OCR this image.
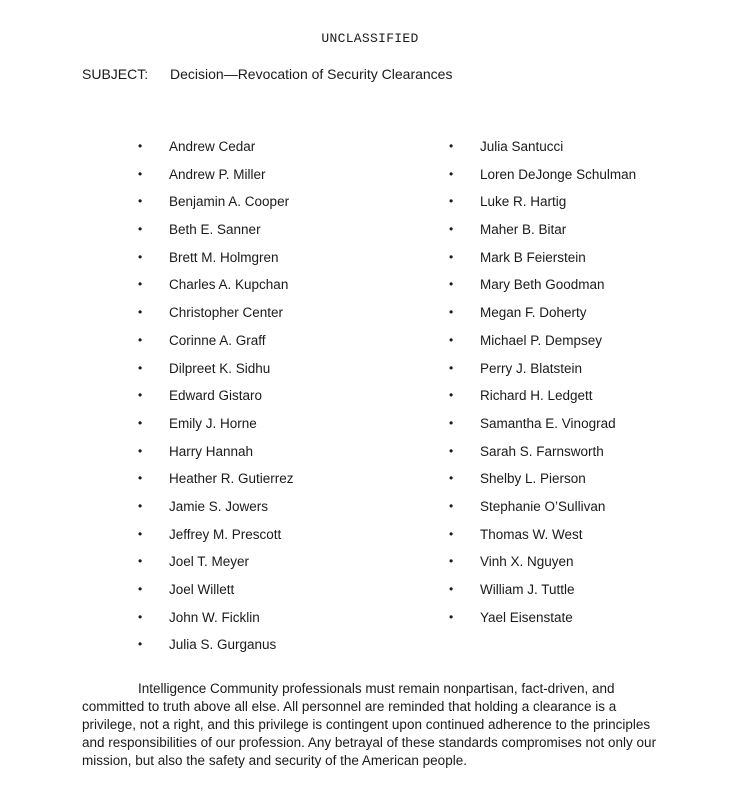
UNCLASSIFIED
SUBJECT: Decision—Revocation of Security Clearances
•	Andrew Cedar
•	Andrew P. Miller
•	Benjamin A. Cooper
•	Beth E. Sanner
•	Brett M. Holmgren
•	Charles A. Kupchan
•	Christopher Center
•	Corinne A. Graff
•	Dilpreet K. Sidhu
•	Edward Gistaro
•	Emily J. Horne
•	Harry Hannah
•	Heather R. Gutierrez
•	Jamie S. Jowers
•	Jeffrey M. Prescott
•	Joel T. Meyer
•	Joel Willett
•	John W. Ficklin
•	Julia S. Gurganus
•	Julia Santucci
•	Loren DeJonge Schulman
•	Luke R. Hartig
•	Maher B. Bitar
•	Mark B Feierstein
•	Mary Beth Goodman
•	Megan F. Doherty
•	Michael P. Dempsey
•	Perry J. Blatstein
•	Richard H. Ledgett
•	Samantha E. Vinograd
•	Sarah S. Farnsworth
•	Shelby L. Pierson
•	Stephanie O’Sullivan
•	Thomas W. West
•	Vinh X. Nguyen
•	William J. Tuttle
•	Yael Eisenstate

Intelligence Community professionals must remain nonpartisan, fact-driven, and committed to truth above all else. All personnel are reminded that holding a clearance is a privilege, not a right, and this privilege is contingent upon continued adherence to the principles and responsibilities of our profession. Any betrayal of these standards compromises not only our mission, but also the safety and security of the American people.
